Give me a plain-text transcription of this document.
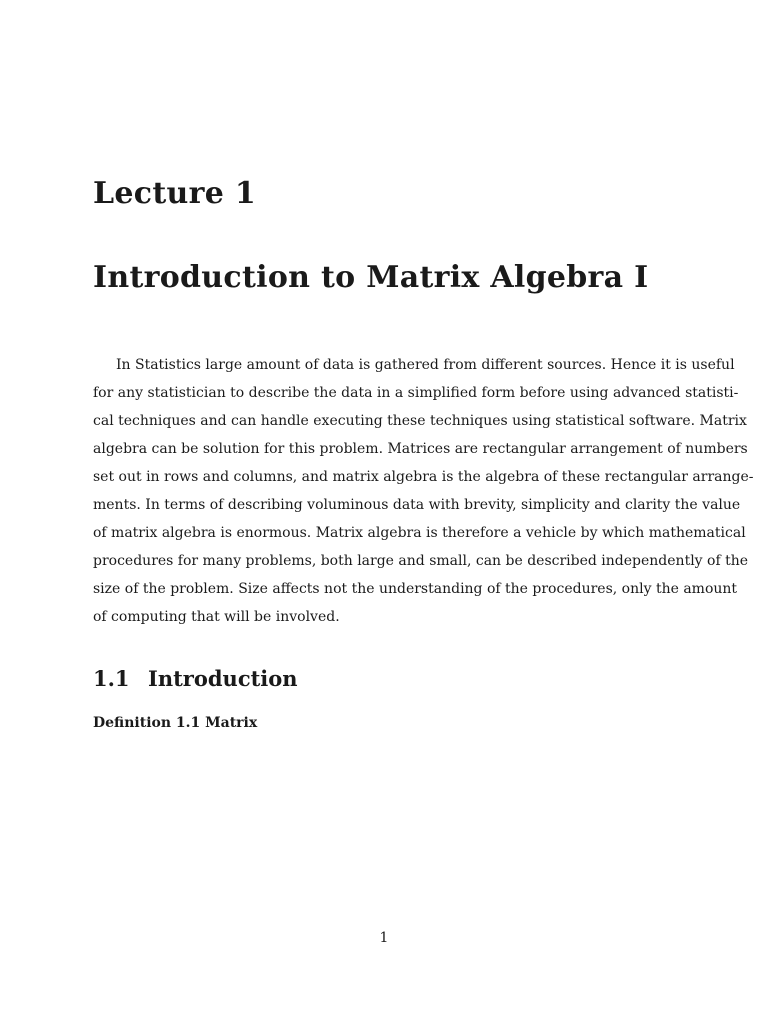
Lecture 1
Introduction to Matrix Algebra I
In Statistics large amount of data is gathered from different sources. Hence it is useful
for any statistician to describe the data in a simplified form before using advanced statisti-
cal techniques and can handle executing these techniques using statistical software. Matrix
algebra can be solution for this problem. Matrices are rectangular arrangement of numbers
set out in rows and columns, and matrix algebra is the algebra of these rectangular arrange-
ments. In terms of describing voluminous data with brevity, simplicity and clarity the value
of matrix algebra is enormous. Matrix algebra is therefore a vehicle by which mathematical
procedures for many problems, both large and small, can be described independently of the
size of the problem. Size affects not the understanding of the procedures, only the amount
of computing that will be involved.
1.1 Introduction
Definition 1.1 Matrix
1
